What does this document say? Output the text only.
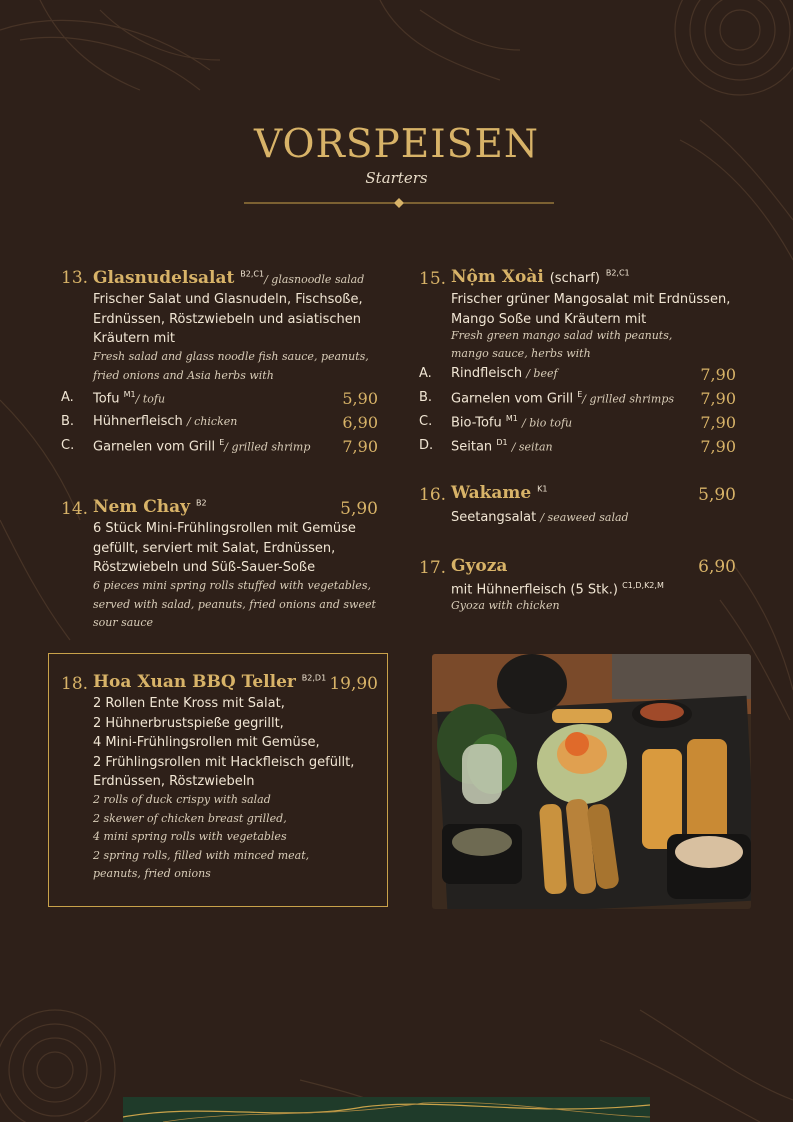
VORSPEISEN
Starters
13. Glasnudelsalat $^{B2,C1}$/ glasnoodle salad
Frischer Salat und Glasnudeln, Fischsoße,
Erdnüssen, Röstzwiebeln und asiatischen
Kräutern mit
Fresh salad and glass noodle fish sauce, peanuts,
fried onions and Asia herbs with
A. Tofu $^{M1}$/ tofu	5,90
B. Hühnerfleisch / chicken	6,90
C. Garnelen vom Grill $^E$/ grilled shrimp	7,90
14. Nem Chay $^{B2}$	5,90
6 Stück Mini-Frühlingsrollen mit Gemüse
gefüllt, serviert mit Salat, Erdnüssen,
Röstzwiebeln und Süß-Sauer-Soße
6 pieces mini spring rolls stuffed with vegetables,
served with salad, peanuts, fried onions and sweet
sour sauce
15. Nộm Xoài (scharf) $^{B2,C1}$
Frischer grüner Mangosalat mit Erdnüssen,
Mango Soße und Kräutern mit
Fresh green mango salad with peanuts,
mango sauce, herbs with
A. Rindfleisch / beef	7,90
B. Garnelen vom Grill $^E$/ grilled shrimps	7,90
C. Bio-Tofu $^{M1}$ / bio tofu	7,90
D. Seitan $^{D1}$ / seitan	7,90
16. Wakame $^{K1}$	5,90
Seetangsalat / seaweed salad
17. Gyoza	6,90
mit Hühnerfleisch (5 Stk.) $^{C1,D,K2,M}$
Gyoza with chicken
18. Hoa Xuan BBQ Teller $^{B2,D1}$ 19,90
2 Rollen Ente Kross mit Salat,
2 Hühnerbrustspieße gegrillt,
4 Mini-Frühlingsrollen mit Gemüse,
2 Frühlingsrollen mit Hackfleisch gefüllt,
Erdnüssen, Röstzwiebeln
2 rolls of duck crispy with salad
2 skewer of chicken breast grilled,
4 mini spring rolls with vegetables
2 spring rolls, filled with minced meat,
peanuts, fried onions
